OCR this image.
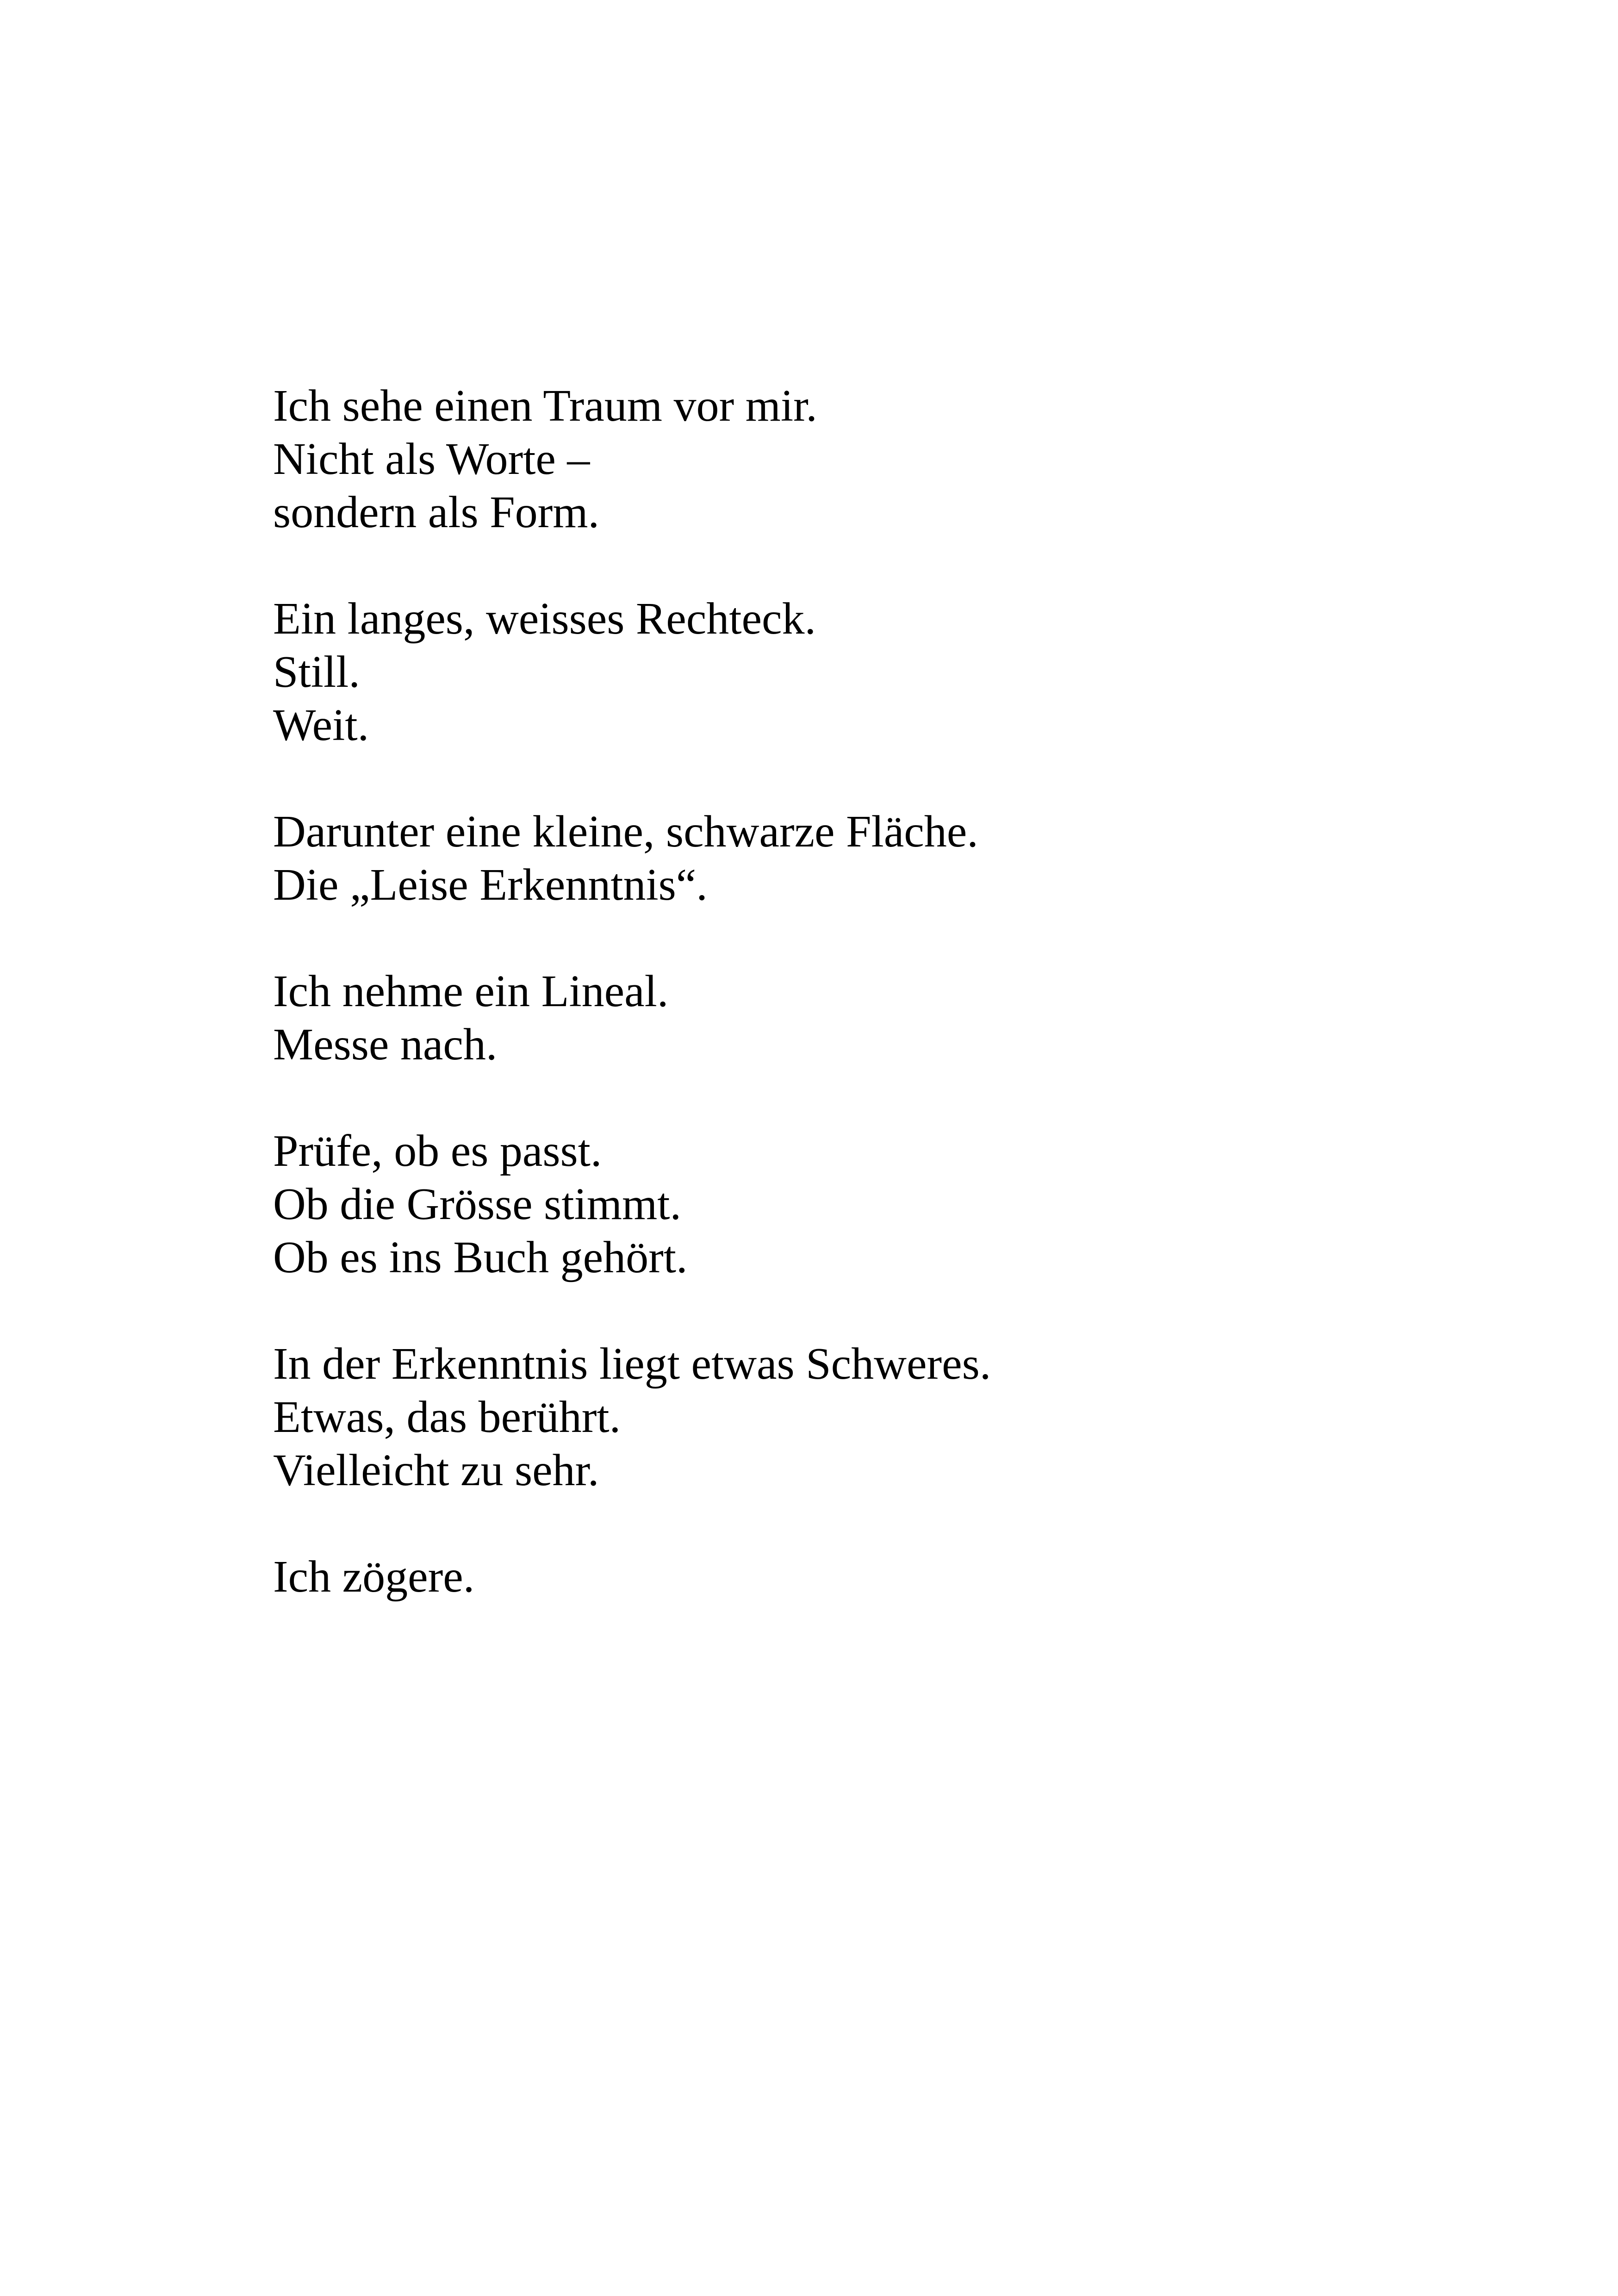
Ich sehe einen Traum vor mir.
Nicht als Worte –
sondern als Form.
Ein langes, weisses Rechteck.
Still.
Weit.
Darunter eine kleine, schwarze Fläche.
Die „Leise Erkenntnis“.
Ich nehme ein Lineal.
Messe nach.
Prüfe, ob es passt.
Ob die Grösse stimmt.
Ob es ins Buch gehört.
In der Erkenntnis liegt etwas Schweres.
Etwas, das berührt.
Vielleicht zu sehr.
Ich zögere.
